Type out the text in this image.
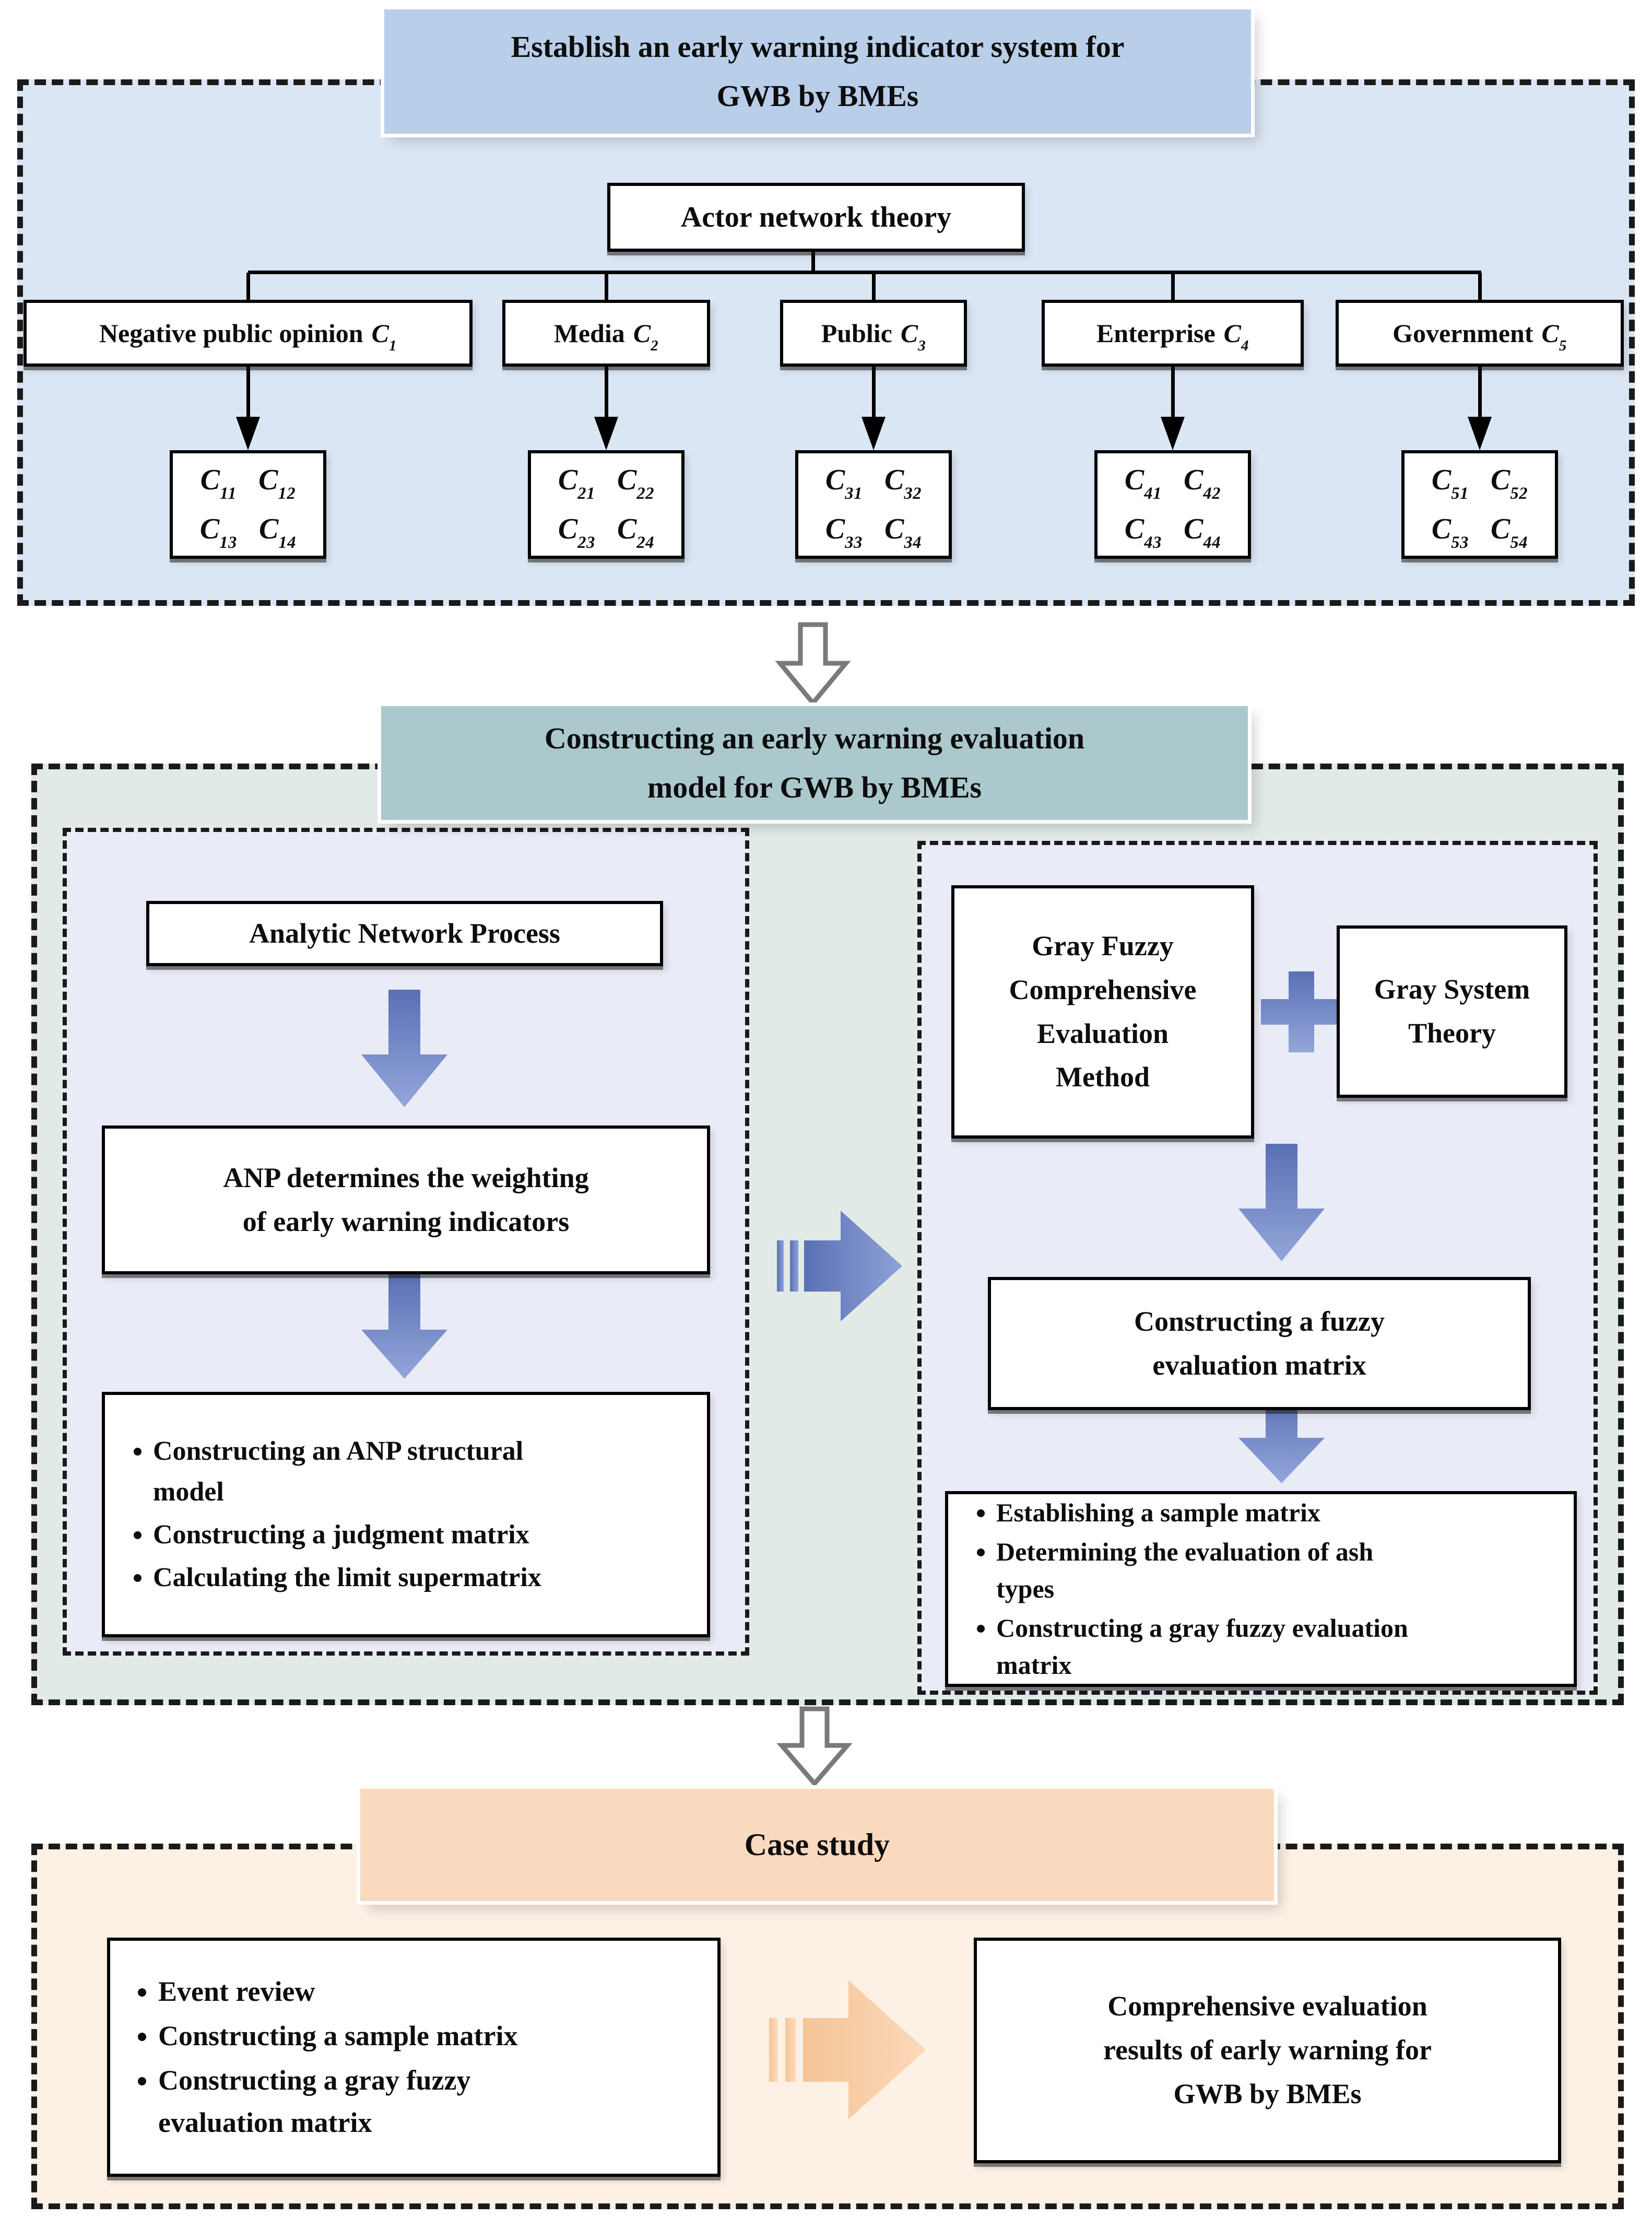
Establish an early warning indicator system for
GWB by BMEs
Actor network theory
Negative public opinion $C_1$	Media $C_2$	Public $C_3$	Enterprise $C_4$	Government $C_5$
$C_{11}$ $C_{12}$
$C_{13}$ $C_{14}$
$C_{21}$ $C_{22}$
$C_{23}$ $C_{24}$
$C_{31}$ $C_{32}$
$C_{33}$ $C_{34}$
$C_{41}$ $C_{42}$
$C_{43}$ $C_{44}$
$C_{51}$ $C_{52}$
$C_{53}$ $C_{54}$
Constructing an early warning evaluation
model for GWB by BMEs
Analytic Network Process
ANP determines the weighting
of early warning indicators
• Constructing an ANP structural model
• Constructing a judgment matrix
• Calculating the limit supermatrix
Gray Fuzzy
Comprehensive
Evaluation
Method
Gray System
Theory
Constructing a fuzzy
evaluation matrix
• Establishing a sample matrix
• Determining the evaluation of ash types
• Constructing a gray fuzzy evaluation matrix
Case study
• Event review
• Constructing a sample matrix
• Constructing a gray fuzzy evaluation matrix
Comprehensive evaluation
results of early warning for
GWB by BMEs
